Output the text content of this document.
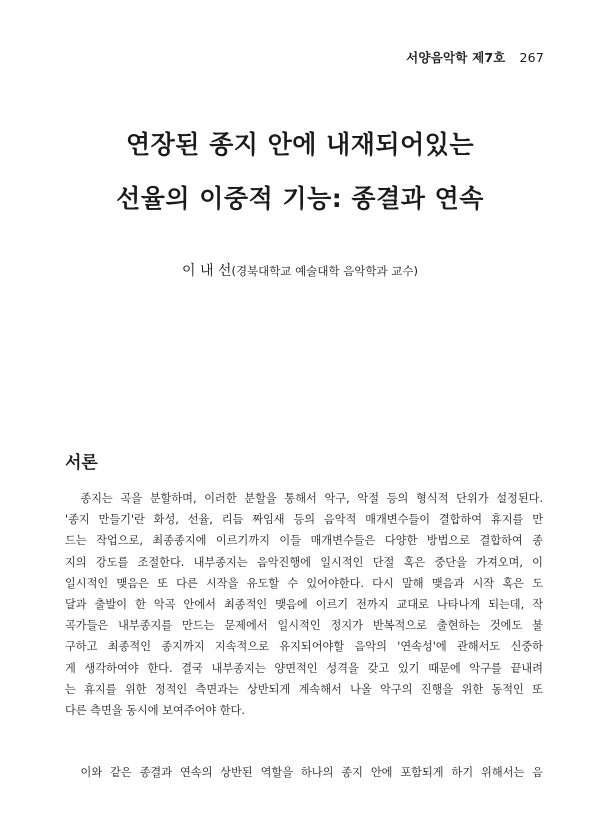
서양음악학 제7호 267
연장된 종지 안에 내재되어있는
선율의 이중적 기능: 종결과 연속
이 내 선(경북대학교 예술대학 음악학과 교수)
서론
　종지는 곡을 분할하며, 이러한 분할을 통해서 악구, 악절 등의 형식적 단위가 설정된다.
'종지 만들기'란 화성, 선율, 리듬 짜임새 등의 음악적 매개변수들이 결합하여 휴지를 만
드는 작업으로, 최종종지에 이르기까지 이들 매개변수들은 다양한 방법으로 결합하여 종
지의 강도를 조절한다. 내부종지는 음악진행에 일시적인 단절 혹은 중단을 가져오며, 이
일시적인 맺음은 또 다른 시작을 유도할 수 있어야한다. 다시 말해 맺음과 시작 혹은 도
달과 출발이 한 악곡 안에서 최종적인 맺음에 이르기 전까지 교대로 나타나게 되는데, 작
곡가들은 내부종지를 만드는 문제에서 일시적인 정지가 반복적으로 출현하는 것에도 불
구하고 최종적인 종지까지 지속적으로 유지되어야할 음악의 '연속성'에 관해서도 신중하
게 생각하여야 한다. 결국 내부종지는 양면적인 성격을 갖고 있기 때문에 악구를 끝내려
는 휴지를 위한 정적인 측면과는 상반되게 계속해서 나올 악구의 진행을 위한 동적인 또
다른 측면을 동시에 보여주어야 한다.
　이와 같은 종결과 연속의 상반된 역할을 하나의 종지 안에 포함되게 하기 위해서는 음
